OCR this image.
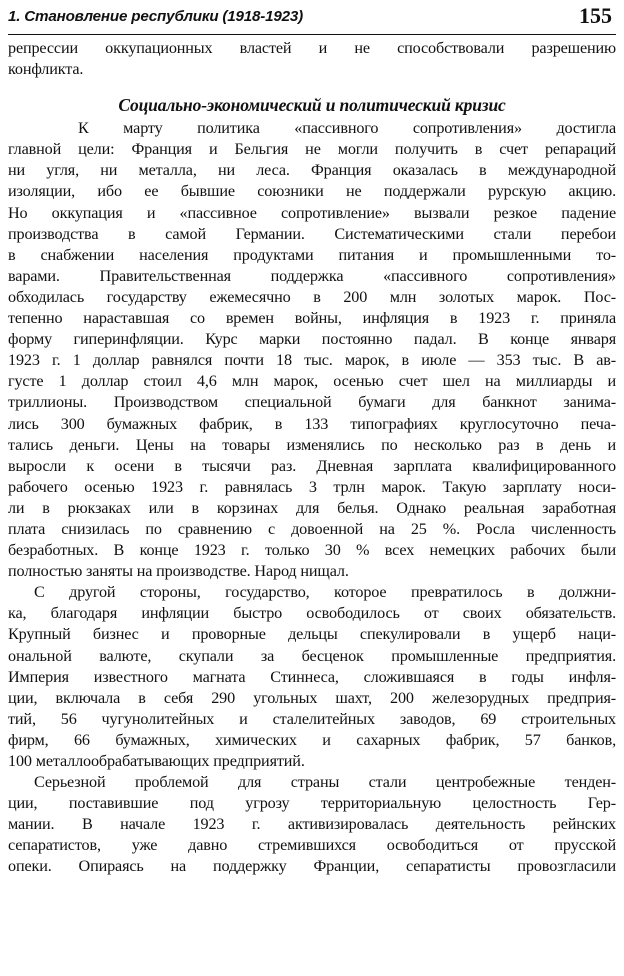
1. Становление республики (1918-1923)	155
репрессии оккупационных властей и не способствовали разрешению
конфликта.
Социально-экономический и политический кризис
К марту политика «пассивного сопротивления» достигла
главной цели: Франция и Бельгия не могли получить в счет репараций
ни угля, ни металла, ни леса. Франция оказалась в международной
изоляции, ибо ее бывшие союзники не поддержали рурскую акцию.
Но оккупация и «пассивное сопротивление» вызвали резкое падение
производства в самой Германии. Систематическими стали перебои
в снабжении населения продуктами питания и промышленными то-
варами. Правительственная поддержка «пассивного сопротивления»
обходилась государству ежемесячно в 200 млн золотых марок. Пос-
тепенно нараставшая со времен войны, инфляция в 1923 г. приняла
форму гиперинфляции. Курс марки постоянно падал. В конце января
1923 г. 1 доллар равнялся почти 18 тыс. марок, в июле — 353 тыс. В ав-
густе 1 доллар стоил 4,6 млн марок, осенью счет шел на миллиарды и
триллионы. Производством специальной бумаги для банкнот занима-
лись 300 бумажных фабрик, в 133 типографиях круглосуточно печа-
тались деньги. Цены на товары изменялись по несколько раз в день и
выросли к осени в тысячи раз. Дневная зарплата квалифицированного
рабочего осенью 1923 г. равнялась 3 трлн марок. Такую зарплату носи-
ли в рюкзаках или в корзинах для белья. Однако реальная заработная
плата снизилась по сравнению с довоенной на 25 %. Росла численность
безработных. В конце 1923 г. только 30 % всех немецких рабочих были
полностью заняты на производстве. Народ нищал.
С другой стороны, государство, которое превратилось в должни-
ка, благодаря инфляции быстро освободилось от своих обязательств.
Крупный бизнес и проворные дельцы спекулировали в ущерб наци-
ональной валюте, скупали за бесценок промышленные предприятия.
Империя известного магната Стиннеса, сложившаяся в годы инфля-
ции, включала в себя 290 угольных шахт, 200 железорудных предприя-
тий, 56 чугунолитейных и сталелитейных заводов, 69 строительных
фирм, 66 бумажных, химических и сахарных фабрик, 57 банков,
100 металлообрабатывающих предприятий.
Серьезной проблемой для страны стали центробежные тенден-
ции, поставившие под угрозу территориальную целостность Гер-
мании. В начале 1923 г. активизировалась деятельность рейнских
сепаратистов, уже давно стремившихся освободиться от прусской
опеки. Опираясь на поддержку Франции, сепаратисты провозгласили
